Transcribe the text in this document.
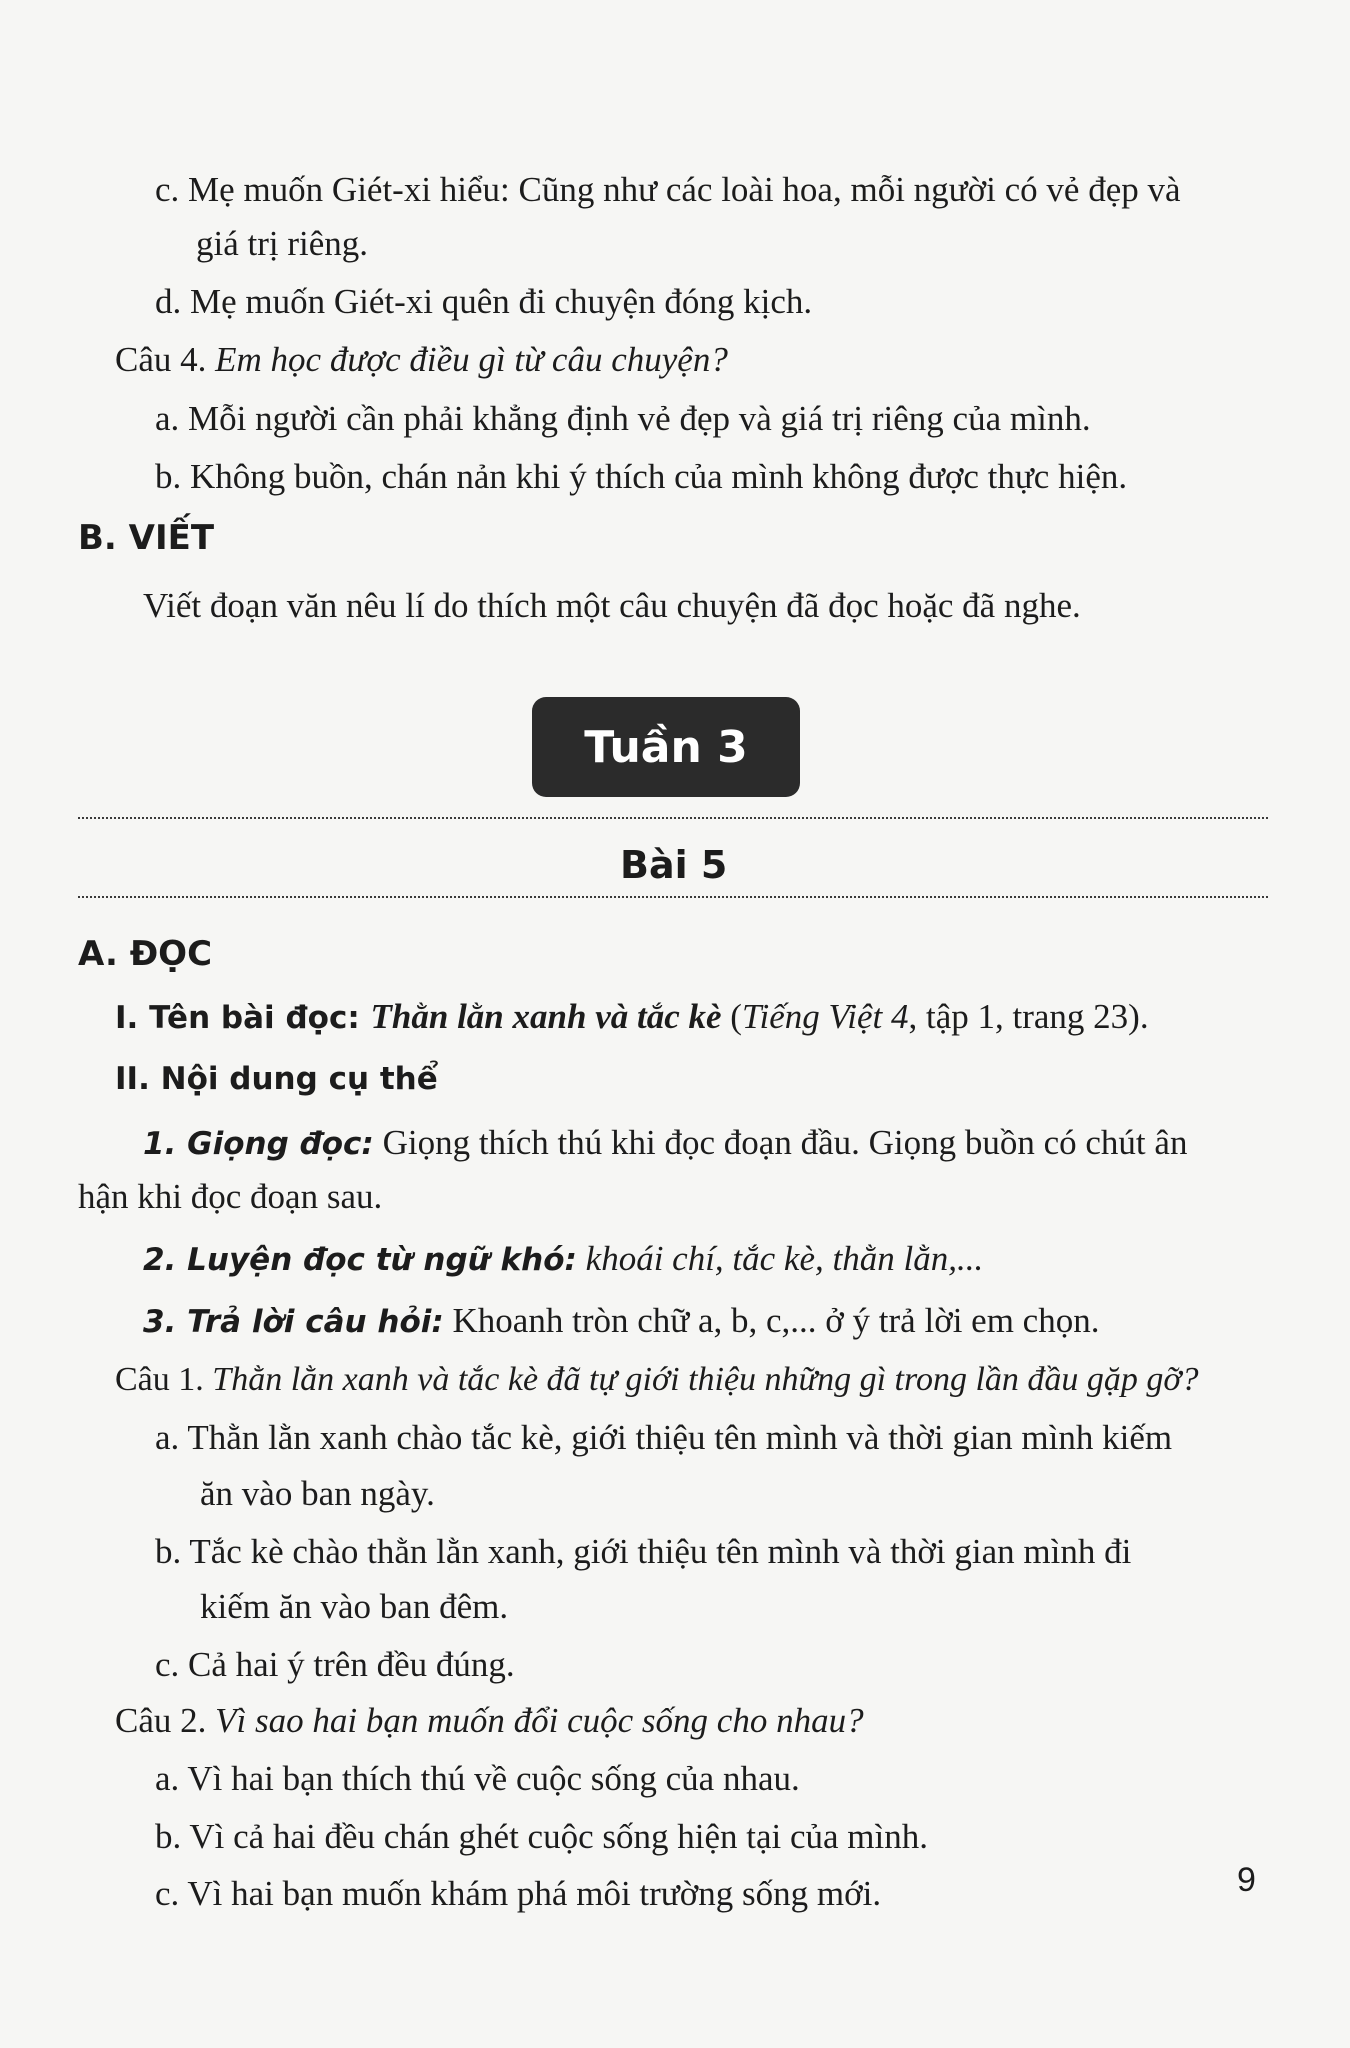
c. Mẹ muốn Giét-xi hiểu: Cũng như các loài hoa, mỗi người có vẻ đẹp và
giá trị riêng.
d. Mẹ muốn Giét-xi quên đi chuyện đóng kịch.
Câu 4. Em học được điều gì từ câu chuyện?
a. Mỗi người cần phải khẳng định vẻ đẹp và giá trị riêng của mình.
b. Không buồn, chán nản khi ý thích của mình không được thực hiện.
B. VIẾT
Viết đoạn văn nêu lí do thích một câu chuyện đã đọc hoặc đã nghe.
Tuần 3
Bài 5
A. ĐỌC
I. Tên bài đọc: Thằn lằn xanh và tắc kè (Tiếng Việt 4, tập 1, trang 23).
II. Nội dung cụ thể
1. Giọng đọc: Giọng thích thú khi đọc đoạn đầu. Giọng buồn có chút ân
hận khi đọc đoạn sau.
2. Luyện đọc từ ngữ khó: khoái chí, tắc kè, thằn lằn,...
3. Trả lời câu hỏi: Khoanh tròn chữ a, b, c,... ở ý trả lời em chọn.
Câu 1. Thằn lằn xanh và tắc kè đã tự giới thiệu những gì trong lần đầu gặp gỡ?
a. Thằn lằn xanh chào tắc kè, giới thiệu tên mình và thời gian mình kiếm
ăn vào ban ngày.
b. Tắc kè chào thằn lằn xanh, giới thiệu tên mình và thời gian mình đi
kiếm ăn vào ban đêm.
c. Cả hai ý trên đều đúng.
Câu 2. Vì sao hai bạn muốn đổi cuộc sống cho nhau?
a. Vì hai bạn thích thú về cuộc sống của nhau.
b. Vì cả hai đều chán ghét cuộc sống hiện tại của mình.
c. Vì hai bạn muốn khám phá môi trường sống mới.	9
